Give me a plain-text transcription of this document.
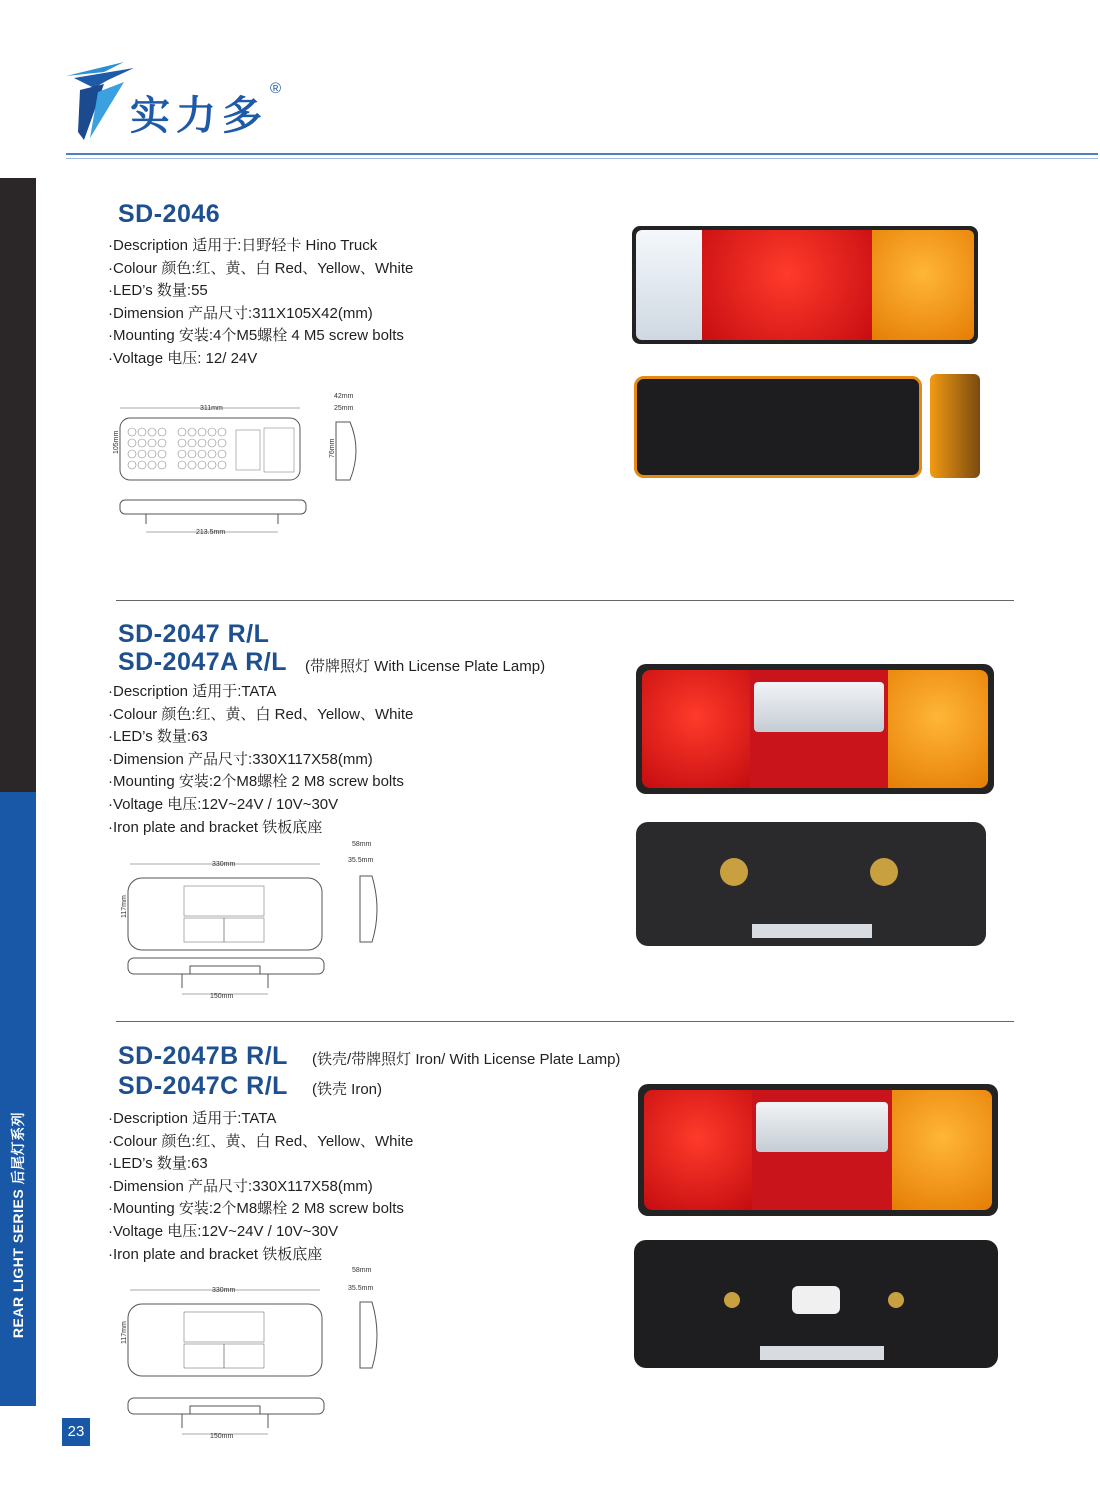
实力多
®
REAR LIGHT SERIES 后尾灯系列
23
SD-2046
·Description 适用于:日野轻卡 Hino Truck
·Colour 颜色:红、黄、白 Red、Yellow、White
·LED’s 数量:55
·Dimension 产品尺寸:311X105X42(mm)
·Mounting 安装:4个M5螺栓 4 M5 screw bolts
·Voltage 电压: 12/ 24V
311mm
105mm
42mm
25mm
76mm
213.5mm
SD-2047 R/L
SD-2047A R/L (带牌照灯 With License Plate Lamp)
·Description 适用于:TATA
·Colour 颜色:红、黄、白 Red、Yellow、White
·LED’s 数量:63
·Dimension 产品尺寸:330X117X58(mm)
·Mounting 安装:2个M8螺栓 2 M8 screw bolts
·Voltage 电压:12V~24V / 10V~30V
·Iron plate and bracket 铁板底座
330mm
117mm
58mm
35.5mm
150mm
SD-2047B R/L (铁壳/带牌照灯 Iron/ With License Plate Lamp)
SD-2047C R/L (铁壳 Iron)
·Description 适用于:TATA
·Colour 颜色:红、黄、白 Red、Yellow、White
·LED’s 数量:63
·Dimension 产品尺寸:330X117X58(mm)
·Mounting 安装:2个M8螺栓 2 M8 screw bolts
·Voltage 电压:12V~24V / 10V~30V
·Iron plate and bracket 铁板底座
330mm
117mm
58mm
35.5mm
150mm
